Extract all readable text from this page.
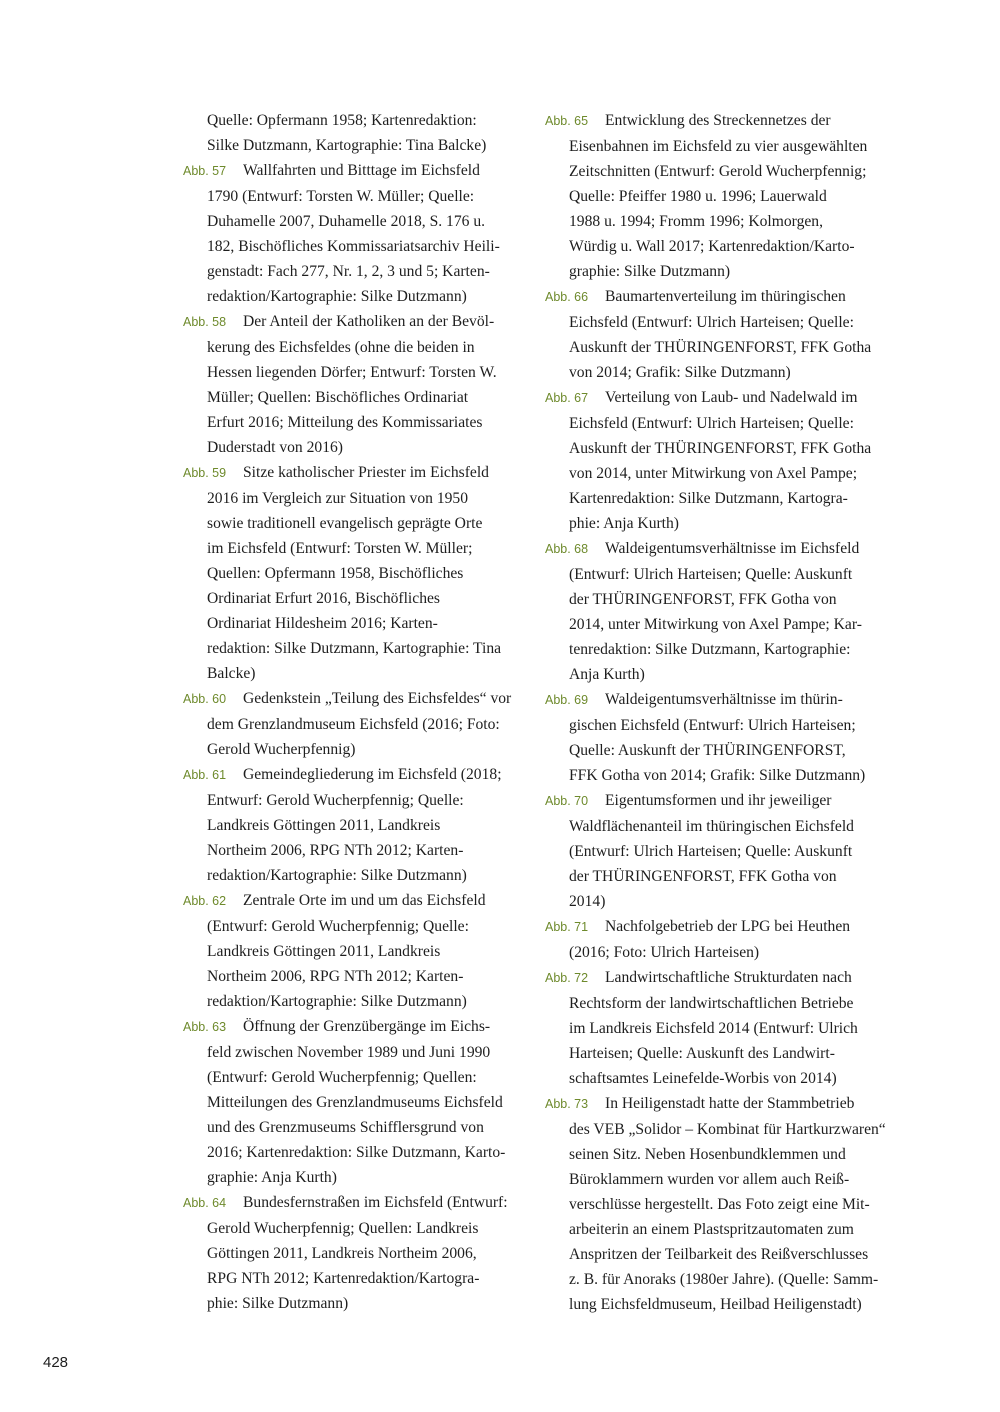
Quelle: Opfermann 1958; Kartenredaktion:
Silke Dutzmann, Kartographie: Tina Balcke)
Abb. 57 Wallfahrten und Bitttage im Eichsfeld
1790 (Entwurf: Torsten W. Müller; Quelle:
Duhamelle 2007, Duhamelle 2018, S. 176 u.
182, Bischöfliches Kommissariatsarchiv Heili-
genstadt: Fach 277, Nr. 1, 2, 3 und 5; Karten-
redaktion/Kartographie: Silke Dutzmann)
Abb. 58 Der Anteil der Katholiken an der Bevöl-
kerung des Eichsfeldes (ohne die beiden in
Hessen liegenden Dörfer; Entwurf: Torsten W.
Müller; Quellen: Bischöfliches Ordinariat
Erfurt 2016; Mitteilung des Kommissariates
Duderstadt von 2016)
Abb. 59 Sitze katholischer Priester im Eichsfeld
2016 im Vergleich zur Situation von 1950
sowie traditionell evangelisch geprägte Orte
im Eichsfeld (Entwurf: Torsten W. Müller;
Quellen: Opfermann 1958, Bischöfliches
Ordinariat Erfurt 2016, Bischöfliches
Ordinariat Hildesheim 2016; Karten-
redaktion: Silke Dutzmann, Kartographie: Tina
Balcke)
Abb. 60 Gedenkstein „Teilung des Eichsfeldes“ vor
dem Grenzlandmuseum Eichsfeld (2016; Foto:
Gerold Wucherpfennig)
Abb. 61 Gemeindegliederung im Eichsfeld (2018;
Entwurf: Gerold Wucherpfennig; Quelle:
Landkreis Göttingen 2011, Landkreis
Northeim 2006, RPG NTh 2012; Karten-
redaktion/Kartographie: Silke Dutzmann)
Abb. 62 Zentrale Orte im und um das Eichsfeld
(Entwurf: Gerold Wucherpfennig; Quelle:
Landkreis Göttingen 2011, Landkreis
Northeim 2006, RPG NTh 2012; Karten-
redaktion/Kartographie: Silke Dutzmann)
Abb. 63 Öffnung der Grenzübergänge im Eichs-
feld zwischen November 1989 und Juni 1990
(Entwurf: Gerold Wucherpfennig; Quellen:
Mitteilungen des Grenzlandmuseums Eichsfeld
und des Grenzmuseums Schifflersgrund von
2016; Kartenredaktion: Silke Dutzmann, Karto-
graphie: Anja Kurth)
Abb. 64 Bundesfernstraßen im Eichsfeld (Entwurf:
Gerold Wucherpfennig; Quellen: Landkreis
Göttingen 2011, Landkreis Northeim 2006,
RPG NTh 2012; Kartenredaktion/Kartogra-
phie: Silke Dutzmann)
Abb. 65 Entwicklung des Streckennetzes der
Eisenbahnen im Eichsfeld zu vier ausgewählten
Zeitschnitten (Entwurf: Gerold Wucherpfennig;
Quelle: Pfeiffer 1980 u. 1996; Lauerwald
1988 u. 1994; Fromm 1996; Kolmorgen,
Würdig u. Wall 2017; Kartenredaktion/Karto-
graphie: Silke Dutzmann)
Abb. 66 Baumartenverteilung im thüringischen
Eichsfeld (Entwurf: Ulrich Harteisen; Quelle:
Auskunft der THÜRINGENFORST, FFK Gotha
von 2014; Grafik: Silke Dutzmann)
Abb. 67 Verteilung von Laub- und Nadelwald im
Eichsfeld (Entwurf: Ulrich Harteisen; Quelle:
Auskunft der THÜRINGENFORST, FFK Gotha
von 2014, unter Mitwirkung von Axel Pampe;
Kartenredaktion: Silke Dutzmann, Kartogra-
phie: Anja Kurth)
Abb. 68 Waldeigentumsverhältnisse im Eichsfeld
(Entwurf: Ulrich Harteisen; Quelle: Auskunft
der THÜRINGENFORST, FFK Gotha von
2014, unter Mitwirkung von Axel Pampe; Kar-
tenredaktion: Silke Dutzmann, Kartographie:
Anja Kurth)
Abb. 69 Waldeigentumsverhältnisse im thürin-
gischen Eichsfeld (Entwurf: Ulrich Harteisen;
Quelle: Auskunft der THÜRINGENFORST,
FFK Gotha von 2014; Grafik: Silke Dutzmann)
Abb. 70 Eigentumsformen und ihr jeweiliger
Waldflächenanteil im thüringischen Eichsfeld
(Entwurf: Ulrich Harteisen; Quelle: Auskunft
der THÜRINGENFORST, FFK Gotha von
2014)
Abb. 71 Nachfolgebetrieb der LPG bei Heuthen
(2016; Foto: Ulrich Harteisen)
Abb. 72 Landwirtschaftliche Strukturdaten nach
Rechtsform der landwirtschaftlichen Betriebe
im Landkreis Eichsfeld 2014 (Entwurf: Ulrich
Harteisen; Quelle: Auskunft des Landwirt-
schaftsamtes Leinefelde-Worbis von 2014)
Abb. 73 In Heiligenstadt hatte der Stammbetrieb
des VEB „Solidor – Kombinat für Hartkurzwaren“
seinen Sitz. Neben Hosenbundklemmen und
Büroklammern wurden vor allem auch Reiß-
verschlüsse hergestellt. Das Foto zeigt eine Mit-
arbeiterin an einem Plastspritzautomaten zum
Anspritzen der Teilbarkeit des Reißverschlusses
z. B. für Anoraks (1980er Jahre). (Quelle: Samm-
lung Eichsfeldmuseum, Heilbad Heiligenstadt)
428
